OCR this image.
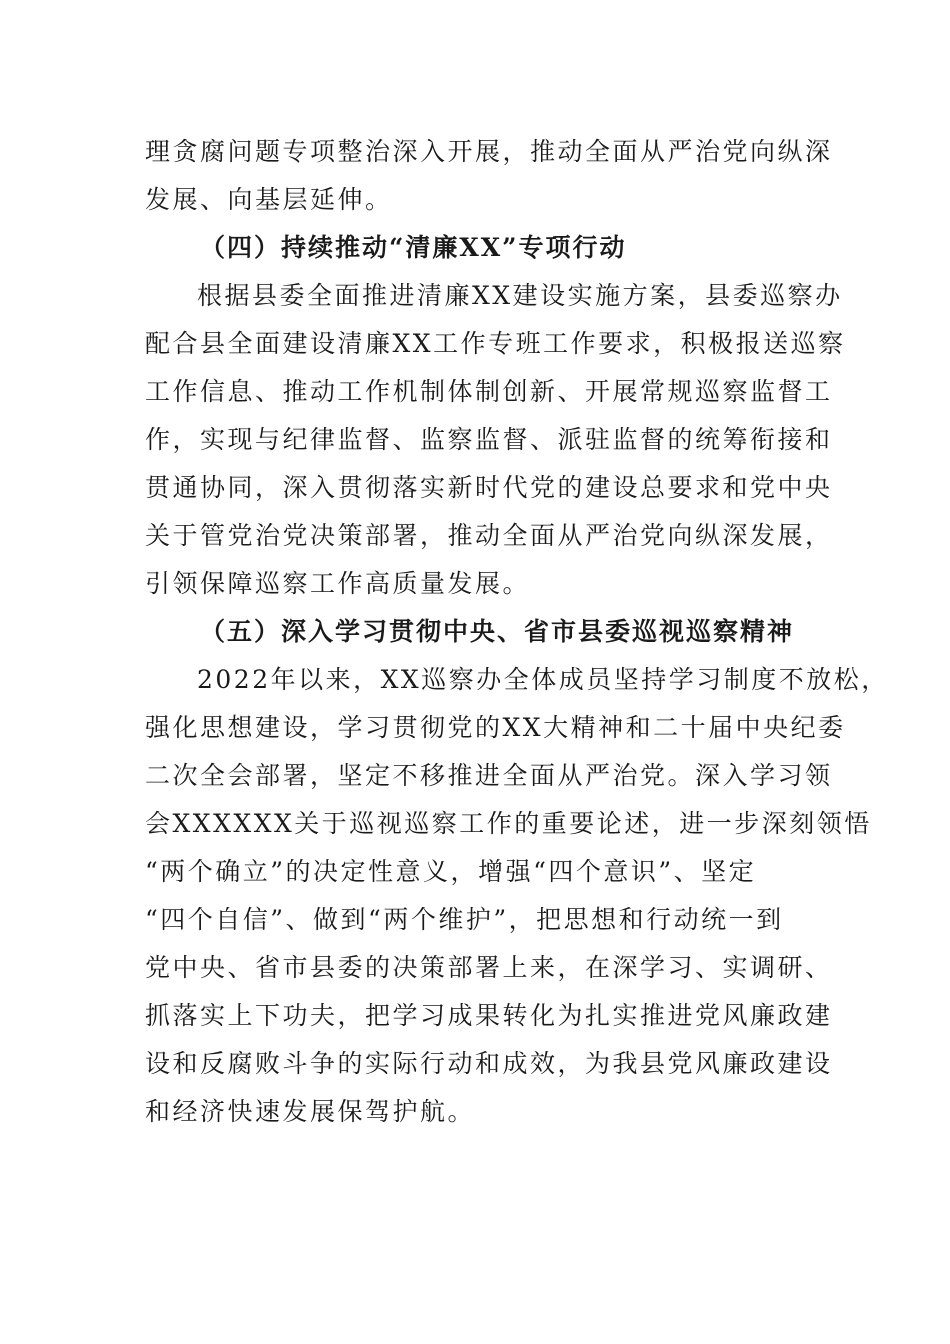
理贪腐问题专项整治深入开展，推动全面从严治党向纵深

发展、向基层延伸。

（四）持续推动“清廉XX”专项行动

根据县委全面推进清廉XX建设实施方案，县委巡察办

配合县全面建设清廉XX工作专班工作要求，积极报送巡察

工作信息、推动工作机制体制创新、开展常规巡察监督工

作，实现与纪律监督、监察监督、派驻监督的统筹衔接和

贯通协同，深入贯彻落实新时代党的建设总要求和党中央

关于管党治党决策部署，推动全面从严治党向纵深发展，

引领保障巡察工作高质量发展。

（五）深入学习贯彻中央、省市县委巡视巡察精神

2022年以来，XX巡察办全体成员坚持学习制度不放松，

强化思想建设，学习贯彻党的XX大精神和二十届中央纪委

二次全会部署，坚定不移推进全面从严治党。深入学习领

会XXXXXX关于巡视巡察工作的重要论述，进一步深刻领悟

“两个确立”的决定性意义，增强“四个意识”、坚定

“四个自信”、做到“两个维护”，把思想和行动统一到

党中央、省市县委的决策部署上来，在深学习、实调研、

抓落实上下功夫，把学习成果转化为扎实推进党风廉政建

设和反腐败斗争的实际行动和成效，为我县党风廉政建设

和经济快速发展保驾护航。
